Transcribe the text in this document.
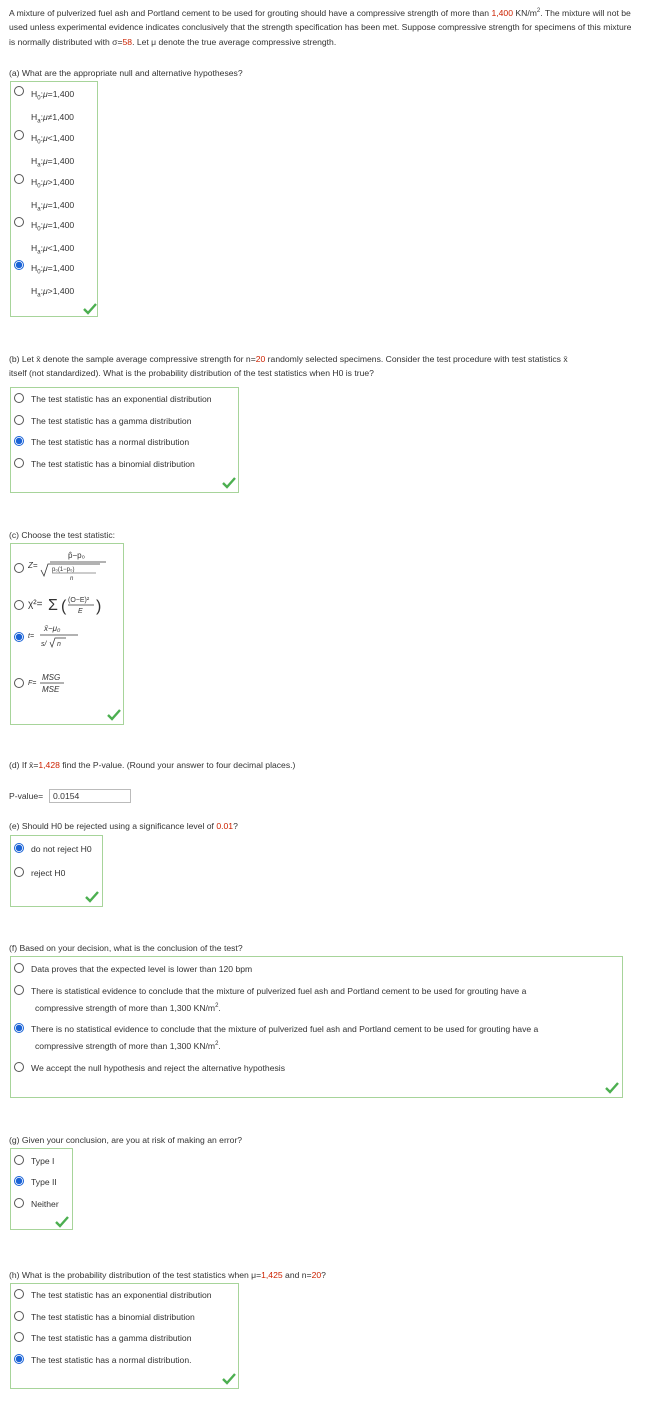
A mixture of pulverized fuel ash and Portland cement to be used for grouting should have a compressive strength of more than 1,400 $KN/m^2$. The mixture will not be used unless experimental evidence indicates conclusively that the strength specification has been met. Suppose compressive strength for specimens of this mixture is normally distributed with σ=58. Let μ denote the true average compressive strength.
(a) What are the appropriate null and alternative hypotheses?
$H_0:\mu=1,400$
$H_a:\mu\ne 1,400$
$H_0:\mu<1,400$
$H_a:\mu=1,400$
$H_0:\mu>1,400$
$H_a:\mu=1,400$
$H_0:\mu=1,400$
$H_a:\mu<1,400$
$H_0:\mu=1,400$
$H_a:\mu>1,400$
(b) Let x̄ denote the sample average compressive strength for n=20 randomly selected specimens. Consider the test procedure with test statistics x̄
itself (not standardized). What is the probability distribution of the test statistics when H0 is true?
The test statistic has an exponential distribution
The test statistic has a gamma distribution
The test statistic has a normal distribution
The test statistic has a binomial distribution
(c) Choose the test statistic:
Z=
p̂−p₀
p₀(1−p₀)
n
χ²= Σ ( (O−E)²
E )
t=
x̄−μ₀
s/ n
F=
MSG
MSE
(d) If x̄=1,428 find the P-value. (Round your answer to four decimal places.)
P-value=	0.0154
(e) Should H0 be rejected using a significance level of 0.01?
do not reject H0
reject H0
(f) Based on your decision, what is the conclusion of the test?
Data proves that the expected level is lower than 120 bpm
There is statistical evidence to conclude that the mixture of pulverized fuel ash and Portland cement to be used for grouting have a
compressive strength of more than 1,300 $KN/m^2$.
There is no statistical evidence to conclude that the mixture of pulverized fuel ash and Portland cement to be used for grouting have a
compressive strength of more than 1,300 $KN/m^2$.
We accept the null hypothesis and reject the alternative hypothesis
(g) Given your conclusion, are you at risk of making an error?
Type I
Type II
Neither
(h) What is the probability distribution of the test statistics when μ=1,425 and n=20?
The test statistic has an exponential distribution
The test statistic has a binomial distribution
The test statistic has a gamma distribution
The test statistic has a normal distribution.
